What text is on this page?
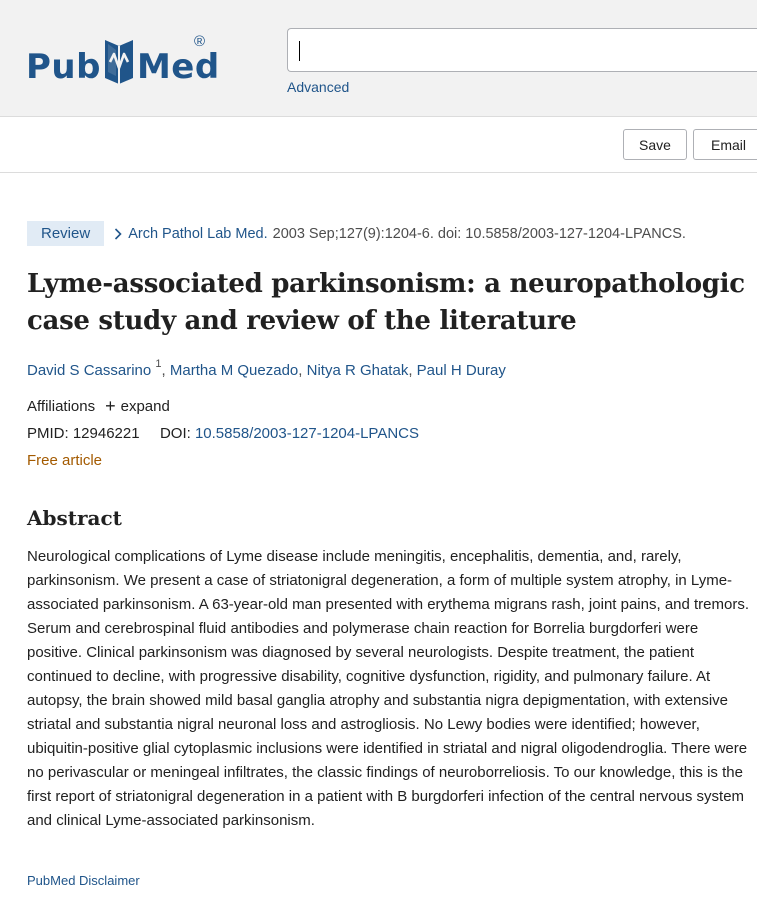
Pub Med
®
Advanced
Save	Email
Review	Arch Pathol Lab Med. 2003 Sep;127(9):1204-6. doi: 10.5858/2003-127-1204-LPANCS.
Lyme-associated parkinsonism: a neuropathologic case study and review of the literature
David S Cassarino $^1$, Martha M Quezado, Nitya R Ghatak, Paul H Duray
Affiliations + expand
PMID: 12946221 DOI: 10.5858/2003-127-1204-LPANCS
Free article
Abstract

Neurological complications of Lyme disease include meningitis, encephalitis, dementia, and, rarely, parkinsonism. We present a case of striatonigral degeneration, a form of multiple system atrophy, in Lyme-associated parkinsonism. A 63-year-old man presented with erythema migrans rash, joint pains, and tremors. Serum and cerebrospinal fluid antibodies and polymerase chain reaction for Borrelia burgdorferi were positive. Clinical parkinsonism was diagnosed by several neurologists. Despite treatment, the patient continued to decline, with progressive disability, cognitive dysfunction, rigidity, and pulmonary failure. At autopsy, the brain showed mild basal ganglia atrophy and substantia nigra depigmentation, with extensive striatal and substantia nigral neuronal loss and astrogliosis. No Lewy bodies were identified; however, ubiquitin-positive glial cytoplasmic inclusions were identified in striatal and nigral oligodendroglia. There were no perivascular or meningeal infiltrates, the classic findings of neuroborreliosis. To our knowledge, this is the first report of striatonigral degeneration in a patient with B burgdorferi infection of the central nervous system and clinical Lyme-associated parkinsonism.

PubMed Disclaimer
